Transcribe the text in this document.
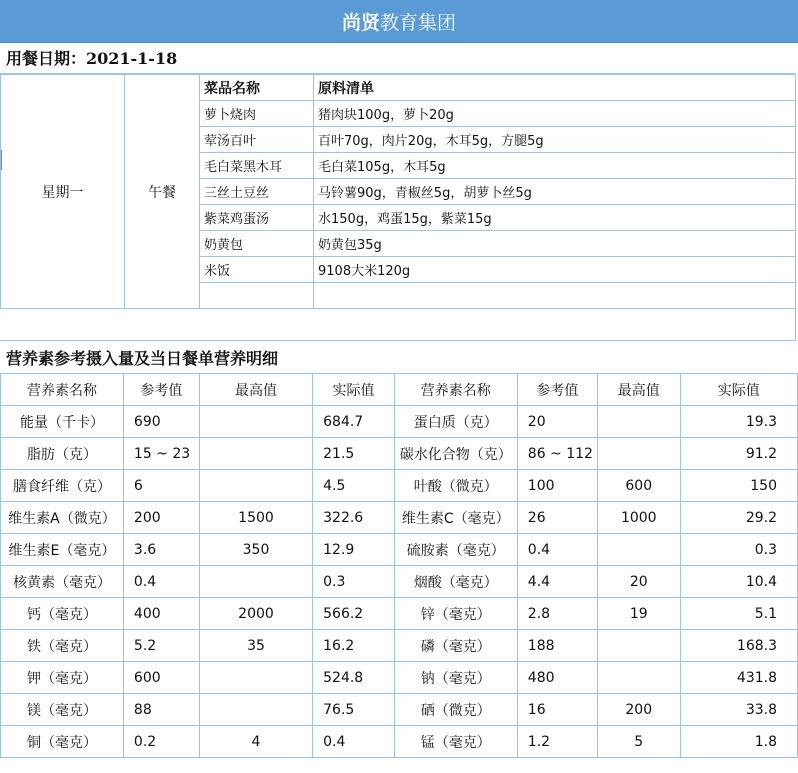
尚贤 教育集团
用餐日期：2021-1-18
星期一	午餐	菜品名称	原料清单
		萝卜烧肉	猪肉块100g，萝卜20g
		荤汤百叶	百叶70g，肉片20g，木耳5g，方腿5g
		毛白菜黑木耳	毛白菜105g，木耳5g
		三丝土豆丝	马铃薯90g，青椒丝5g，胡萝卜丝5g
		紫菜鸡蛋汤	水150g，鸡蛋15g，紫菜15g
		奶黄包	奶黄包35g
		米饭	9108大米120g

营养素参考摄入量及当日餐单营养明细
营养素名称	参考值	最高值	实际值	营养素名称	参考值	最高值	实际值
能量（千卡）	690		684.7	蛋白质（克）	20		19.3
脂肪（克）	15 ~ 23		21.5	碳水化合物（克）	86 ~ 112		91.2
膳食纤维（克）	6		4.5	叶酸（微克）	100	600	150
维生素A（微克）	200	1500	322.6	维生素C（毫克）	26	1000	29.2
维生素E（毫克）	3.6	350	12.9	硫胺素（毫克）	0.4		0.3
核黄素（毫克）	0.4		0.3	烟酸（毫克）	4.4	20	10.4
钙（毫克）	400	2000	566.2	锌（毫克）	2.8	19	5.1
铁（毫克）	5.2	35	16.2	磷（毫克）	188		168.3
钾（毫克）	600		524.8	钠（毫克）	480		431.8
镁（毫克）	88		76.5	硒（微克）	16	200	33.8
铜（毫克）	0.2	4	0.4	锰（毫克）	1.2	5	1.8
